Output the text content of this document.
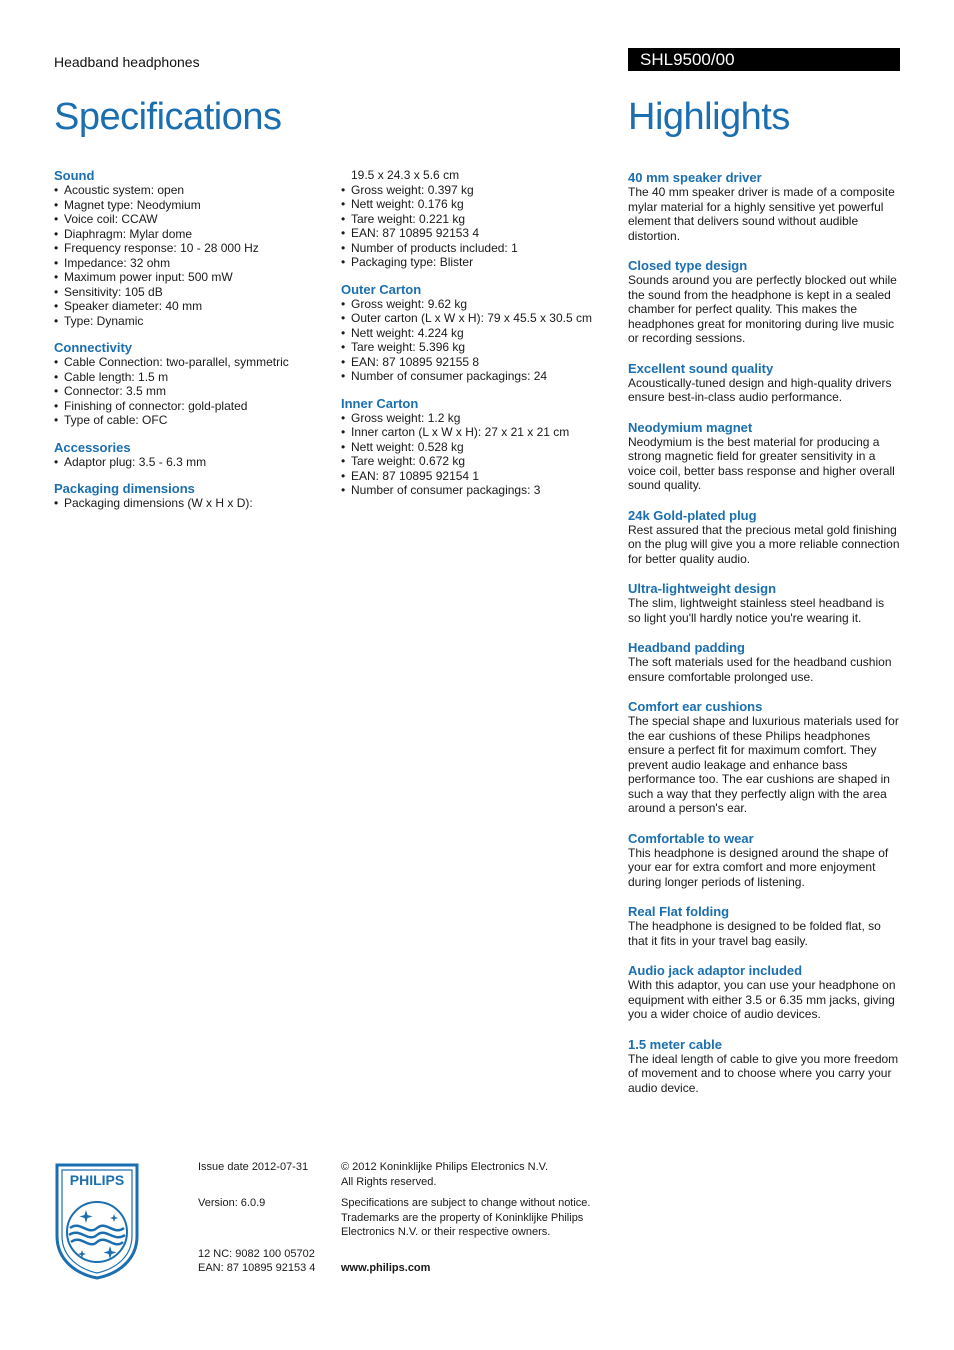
Headband headphones	SHL9500/00
Specifications	Highlights
Sound
• Acoustic system: open
• Magnet type: Neodymium
• Voice coil: CCAW
• Diaphragm: Mylar dome
• Frequency response: 10 - 28 000 Hz
• Impedance: 32 ohm
• Maximum power input: 500 mW
• Sensitivity: 105 dB
• Speaker diameter: 40 mm
• Type: Dynamic
Connectivity
• Cable Connection: two-parallel, symmetric
• Cable length: 1.5 m
• Connector: 3.5 mm
• Finishing of connector: gold-plated
• Type of cable: OFC
Accessories
• Adaptor plug: 3.5 - 6.3 mm
Packaging dimensions
• Packaging dimensions (W x H x D):
19.5 x 24.3 x 5.6 cm
• Gross weight: 0.397 kg
• Nett weight: 0.176 kg
• Tare weight: 0.221 kg
• EAN: 87 10895 92153 4
• Number of products included: 1
• Packaging type: Blister
Outer Carton
• Gross weight: 9.62 kg
• Outer carton (L x W x H): 79 x 45.5 x 30.5 cm
• Nett weight: 4.224 kg
• Tare weight: 5.396 kg
• EAN: 87 10895 92155 8
• Number of consumer packagings: 24
Inner Carton
• Gross weight: 1.2 kg
• Inner carton (L x W x H): 27 x 21 x 21 cm
• Nett weight: 0.528 kg
• Tare weight: 0.672 kg
• EAN: 87 10895 92154 1
• Number of consumer packagings: 3
40 mm speaker driver

The 40 mm speaker driver is made of a composite mylar material for a highly sensitive yet powerful element that delivers sound without audible distortion.

Closed type design

Sounds around you are perfectly blocked out while the sound from the headphone is kept in a sealed chamber for perfect quality. This makes the headphones great for monitoring during live music or recording sessions.

Excellent sound quality

Acoustically-tuned design and high-quality drivers ensure best-in-class audio performance.

Neodymium magnet

Neodymium is the best material for producing a strong magnetic field for greater sensitivity in a voice coil, better bass response and higher overall sound quality.

24k Gold-plated plug

Rest assured that the precious metal gold finishing on the plug will give you a more reliable connection for better quality audio.

Ultra-lightweight design

The slim, lightweight stainless steel headband is so light you'll hardly notice you're wearing it.

Headband padding

The soft materials used for the headband cushion ensure comfortable prolonged use.

Comfort ear cushions

The special shape and luxurious materials used for the ear cushions of these Philips headphones ensure a perfect fit for maximum comfort. They prevent audio leakage and enhance bass performance too. The ear cushions are shaped in such a way that they perfectly align with the area around a person's ear.

Comfortable to wear

This headphone is designed around the shape of your ear for extra comfort and more enjoyment during longer periods of listening.

Real Flat folding

The headphone is designed to be folded flat, so that it fits in your travel bag easily.

Audio jack adaptor included

With this adaptor, you can use your headphone on equipment with either 3.5 or 6.35 mm jacks, giving you a wider choice of audio devices.

1.5 meter cable

The ideal length of cable to give you more freedom of movement and to choose where you carry your audio device.

PHILIPS
Issue date 2012-07-31
Version: 6.0.9
12 NC: 9082 100 05702
EAN: 87 10895 92153 4
© 2012 Koninklijke Philips Electronics N.V.
All Rights reserved.
Specifications are subject to change without notice.
Trademarks are the property of Koninklijke Philips
Electronics N.V. or their respective owners.
www.philips.com
